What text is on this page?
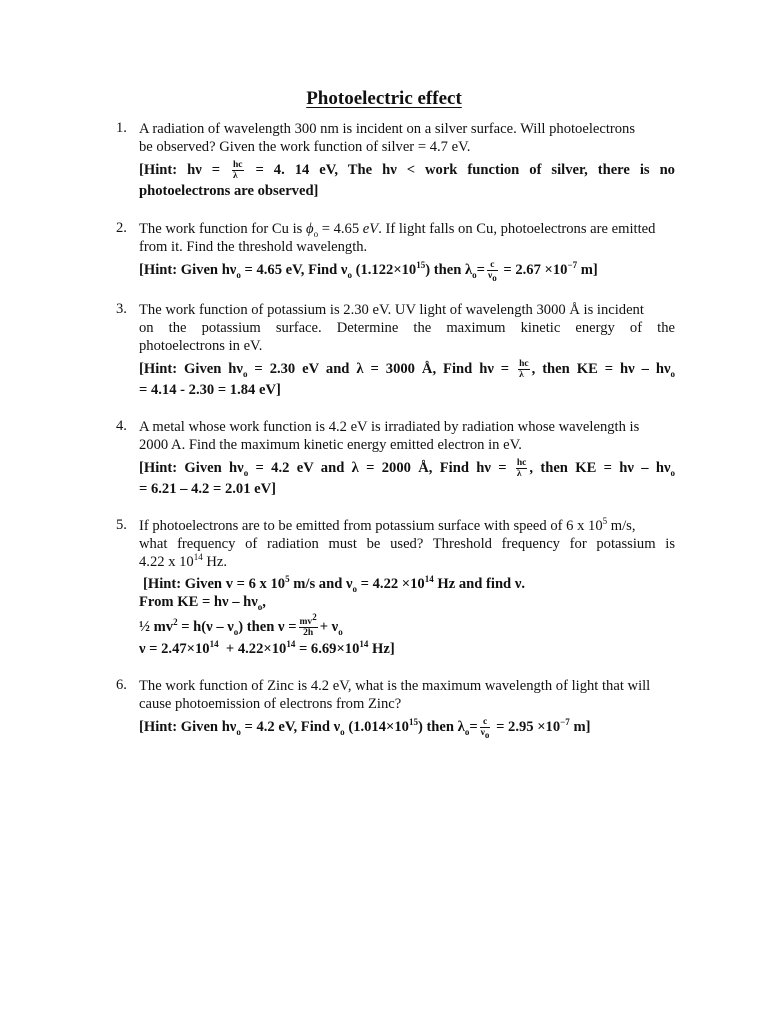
Photoelectric effect
1. A radiation of wavelength 300 nm is incident on a silver surface. Will photoelectrons
be observed? Given the work function of silver = 4.7 eV.
[Hint: $h\nu = \frac{hc}{\lambda} = 4$. 14 eV, The hν < work function of silver, there is no
photoelectrons are observed]
2. The work function for Cu is $\phi_o = 4.65$ eV. If light falls on Cu, photoelectrons are emitted
from it. Find the threshold wavelength.
[Hint: Given $h\nu_o = 4.65$ eV, Find $\nu_o$ $(1.122\times 10^{15})$ then $\lambda_o= \frac{c}{\nu_o} = 2.67 \times 10^{-7}$ m]
3. The work function of potassium is 2.30 eV. UV light of wavelength 3000 Å is incident
on the potassium surface. Determine the maximum kinetic energy of the
photoelectrons in eV.
[Hint: Given $h\nu_o = 2.30$ eV and λ = 3000 Å, Find $h\nu = \frac{hc}{\lambda}$ , then KE = hν – $h\nu_o$
= 4.14 - 2.30 = 1.84 eV]
4. A metal whose work function is 4.2 eV is irradiated by radiation whose wavelength is
2000 A. Find the maximum kinetic energy emitted electron in eV.
[Hint: Given $h\nu_o = 4.2$ eV and λ = 2000 Å, Find $h\nu = \frac{hc}{\lambda}$ , then KE = hν – $h\nu_o$
= 6.21 – 4.2 = 2.01 eV]
5. If photoelectrons are to be emitted from potassium surface with speed of 6 x $10^5$ m/s,
what frequency of radiation must be used? Threshold frequency for potassium is
4.22 x $10^{14}$ Hz.
[Hint: Given v = 6 x $10^5$ m/s and $\nu_o = 4.22 \times 10^{14}$ Hz and find ν.
From KE = hν – $h\nu_o$,
½ $mv^2 = h(\nu - \nu_o)$ then $\nu = \frac{mv^2}{2h} + \nu_o$
$\nu = 2.47\times 10^{14} + 4.22\times 10^{14} = 6.69\times 10^{14}$ Hz]
6. The work function of Zinc is 4.2 eV, what is the maximum wavelength of light that will
cause photoemission of electrons from Zinc?
[Hint: Given $h\nu_o = 4.2$ eV, Find $\nu_o$ $(1.014\times 10^{15})$ then $\lambda_o= \frac{c}{\nu_o} = 2.95 \times 10^{-7}$ m]
